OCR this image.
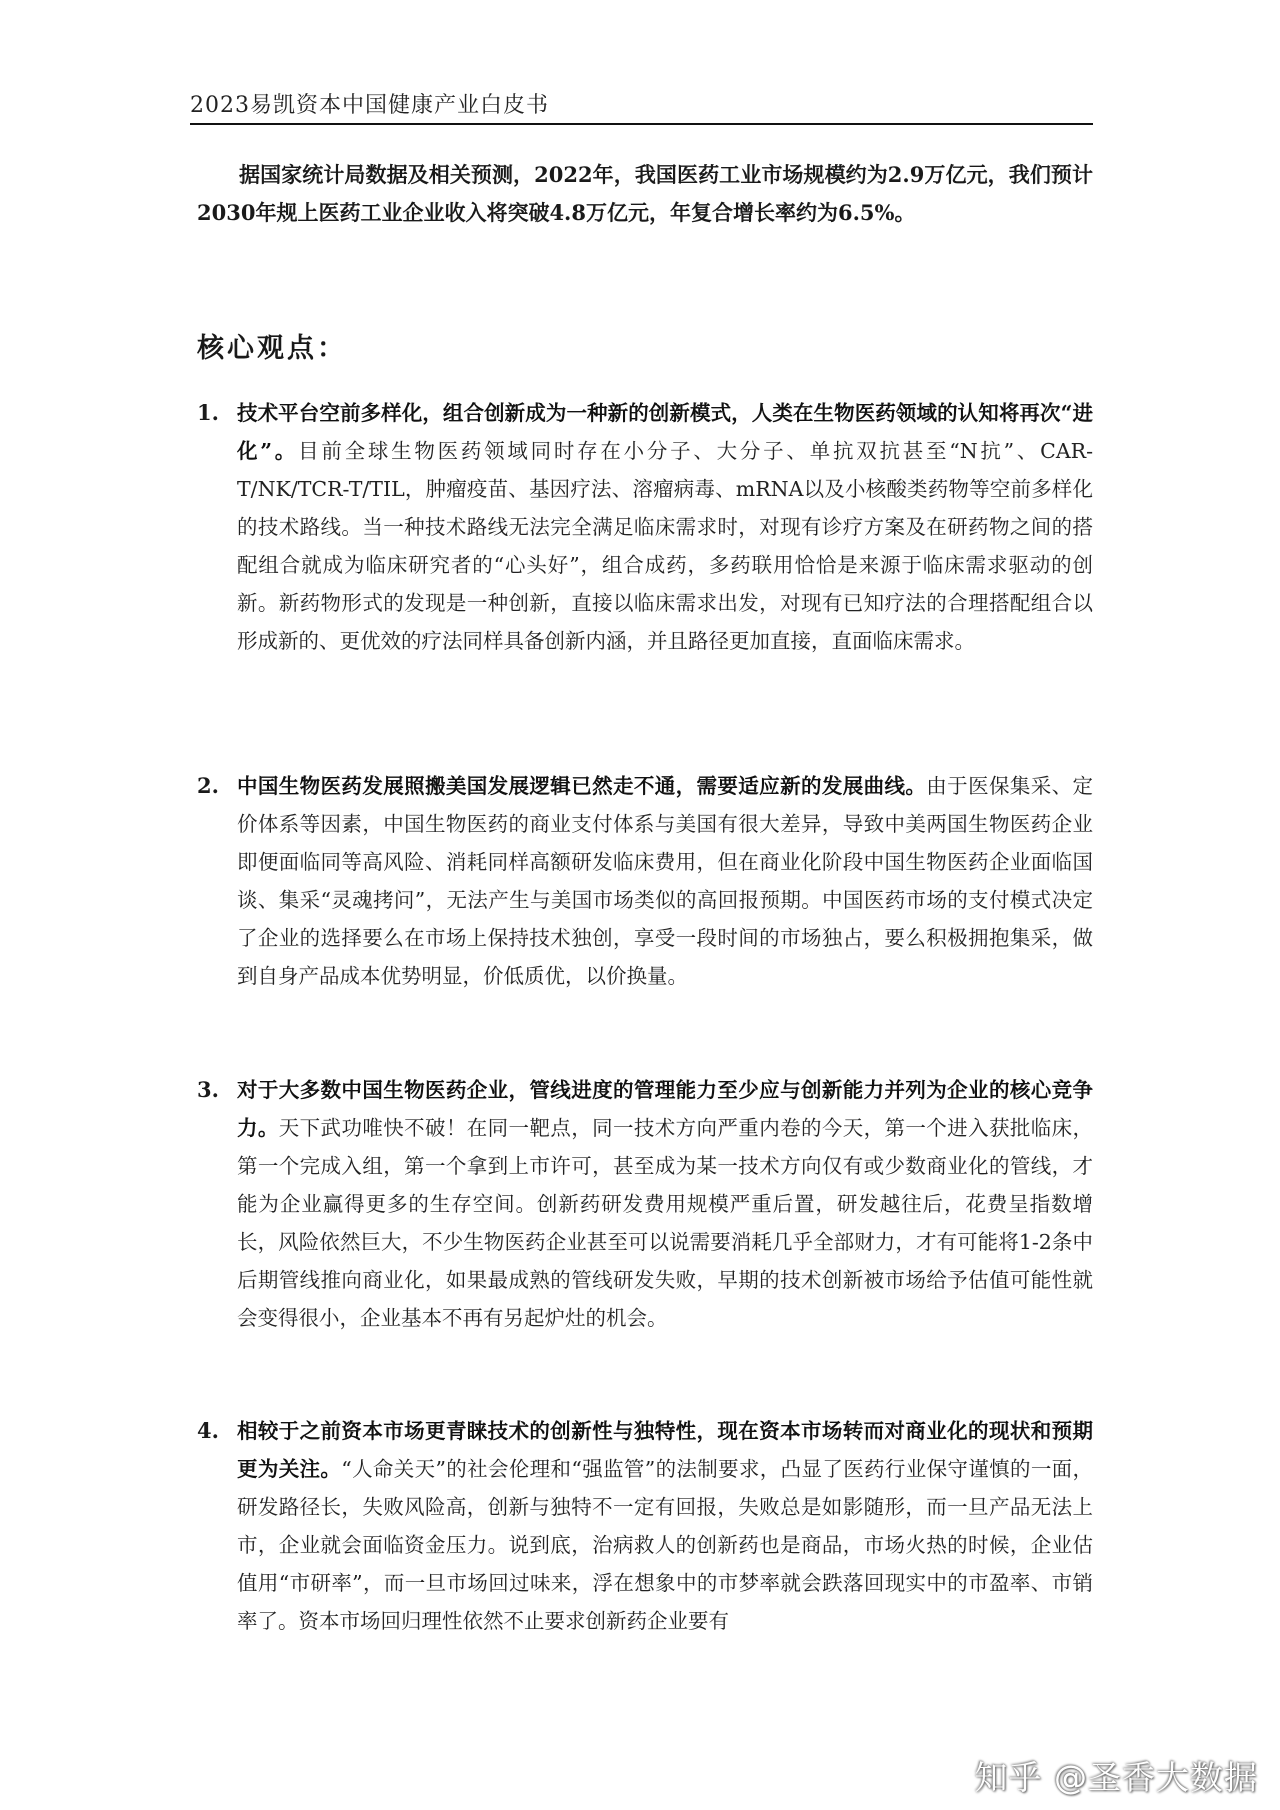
2023易凯资本中国健康产业白皮书

据国家统计局数据及相关预测，2022年，我国医药工业市场规模约为2.9万亿元，我们预计2030年规上医药工业企业收入将突破4.8万亿元，年复合增长率约为6.5%。

核心观点：
1. 技术平台空前多样化，组合创新成为一种新的创新模式，人类在生物医药领域的认知将再次“进化”。目前全球生物医药领域同时存在小分子、大分子、单抗双抗甚至“N抗”、CAR-T/NK/TCR-T/TIL，肿瘤疫苗、基因疗法、溶瘤病毒、mRNA以及小核酸类药物等空前多样化的技术路线。当一种技术路线无法完全满足临床需求时，对现有诊疗方案及在研药物之间的搭配组合就成为临床研究者的“心头好”，组合成药，多药联用恰恰是来源于临床需求驱动的创新。新药物形式的发现是一种创新，直接以临床需求出发，对现有已知疗法的合理搭配组合以形成新的、更优效的疗法同样具备创新内涵，并且路径更加直接，直面临床需求。

2. 中国生物医药发展照搬美国发展逻辑已然走不通，需要适应新的发展曲线。由于医保集采、定价体系等因素，中国生物医药的商业支付体系与美国有很大差异，导致中美两国生物医药企业即便面临同等高风险、消耗同样高额研发临床费用，但在商业化阶段中国生物医药企业面临国谈、集采“灵魂拷问”，无法产生与美国市场类似的高回报预期。中国医药市场的支付模式决定了企业的选择要么在市场上保持技术独创，享受一段时间的市场独占，要么积极拥抱集采，做到自身产品成本优势明显，价低质优，以价换量。

3. 对于大多数中国生物医药企业，管线进度的管理能力至少应与创新能力并列为企业的核心竞争力。天下武功唯快不破！在同一靶点，同一技术方向严重内卷的今天，第一个进入获批临床，第一个完成入组，第一个拿到上市许可，甚至成为某一技术方向仅有或少数商业化的管线，才能为企业赢得更多的生存空间。创新药研发费用规模严重后置，研发越往后，花费呈指数增长，风险依然巨大，不少生物医药企业甚至可以说需要消耗几乎全部财力，才有可能将1-2条中后期管线推向商业化，如果最成熟的管线研发失败，早期的技术创新被市场给予估值可能性就会变得很小，企业基本不再有另起炉灶的机会。

4. 相较于之前资本市场更青睐技术的创新性与独特性，现在资本市场转而对商业化的现状和预期更为关注。“人命关天”的社会伦理和“强监管”的法制要求，凸显了医药行业保守谨慎的一面，研发路径长，失败风险高，创新与独特不一定有回报，失败总是如影随形，而一旦产品无法上市，企业就会面临资金压力。说到底，治病救人的创新药也是商品，市场火热的时候，企业估值用“市研率”，而一旦市场回过味来，浮在想象中的市梦率就会跌落回现实中的市盈率、市销率了。资本市场回归理性依然不止要求创新药企业要有

知乎 @圣香大数据
